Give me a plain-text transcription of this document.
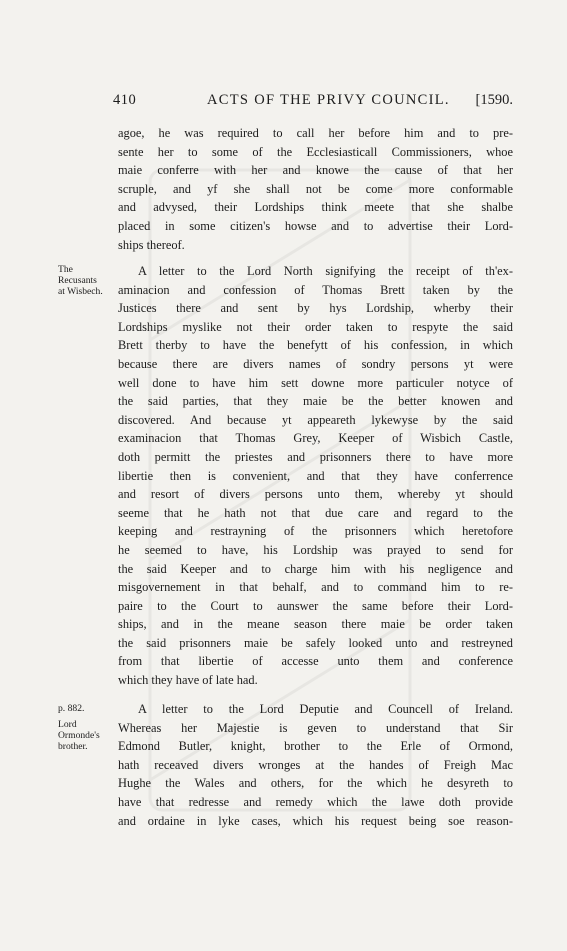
410	ACTS OF THE PRIVY COUNCIL. [1590.
agoe, he was required to call her before him and to pre-
sente her to some of the Ecclesiasticall Commissioners, whoe
maie conferre with her and knowe the cause of that her
scruple, and yf she shall not be come more conformable
and advysed, their Lordships think meete that she shalbe
placed in some citizen's howse and to advertise their Lord-
ships thereof.
The
Recusants
at Wisbech.
A letter to the Lord North signifying the receipt of th'ex-
aminacion and confession of Thomas Brett taken by the
Justices there and sent by hys Lordship, wherby their
Lordships myslike not their order taken to respyte the said
Brett therby to have the benefytt of his confession, in which
because there are divers names of sondry persons yt were
well done to have him sett downe more particuler notyce of
the said parties, that they maie be the better knowen and
discovered. And because yt appeareth lykewyse by the said
examinacion that Thomas Grey, Keeper of Wisbich Castle,
doth permitt the priestes and prisonners there to have more
libertie then is convenient, and that they have conferrence
and resort of divers persons unto them, whereby yt should
seeme that he hath not that due care and regard to the
keeping and restrayning of the prisonners which heretofore
he seemed to have, his Lordship was prayed to send for
the said Keeper and to charge him with his negligence and
misgovernement in that behalf, and to command him to re-
paire to the Court to aunswer the same before their Lord-
ships, and in the meane season there maie be order taken
the said prisonners maie be safely looked unto and restreyned
from that libertie of accesse unto them and conference
which they have of late had.
p. 882.
Lord
Ormonde's
brother.
A letter to the Lord Deputie and Councell of Ireland.
Whereas her Majestie is geven to understand that Sir
Edmond Butler, knight, brother to the Erle of Ormond,
hath receaved divers wronges at the handes of Freigh Mac
Hughe the Wales and others, for the which he desyreth to
have that redresse and remedy which the lawe doth provide
and ordaine in lyke cases, which his request being soe reason-
